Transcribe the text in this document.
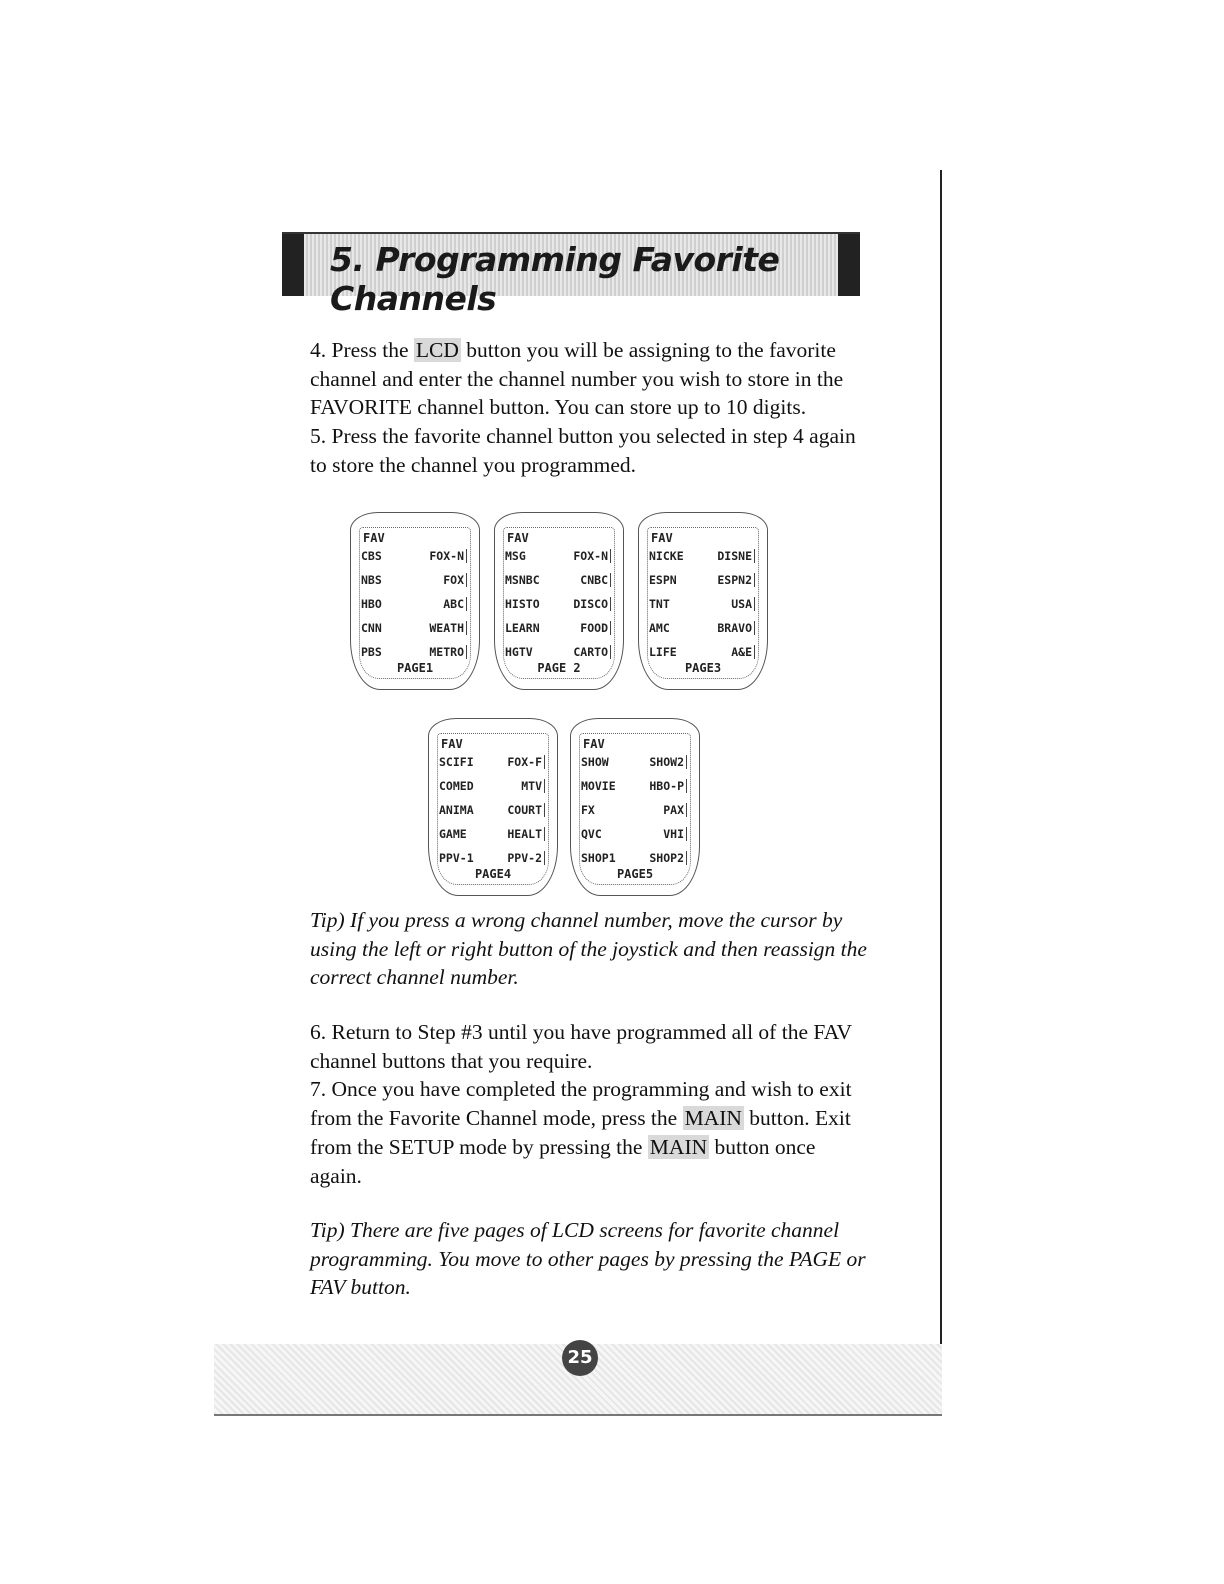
5. Programming Favorite Channels

4. Press the LCD button you will be assigning to the favorite channel and enter the channel number you wish to store in the FAVORITE channel button. You can store up to 10 digits.

5. Press the favorite channel button you selected in step 4 again to store the channel you programmed.

FAV
CBS	FOX-N
NBS	FOX
HBO	ABC
CNN	WEATH
PBS	METRO
PAGE1
FAV
MSG	FOX-N
MSNBC	CNBC
HISTO	DISCO
LEARN	FOOD
HGTV	CARTO
PAGE 2
FAV
NICKE	DISNE
ESPN	ESPN2
TNT	USA
AMC	BRAVO
LIFE	A&E
PAGE3
FAV
SCIFI	FOX-F
COMED	MTV
ANIMA	COURT
GAME	HEALT
PPV-1	PPV-2
PAGE4
FAV
SHOW	SHOW2
MOVIE	HBO-P
FX	PAX
QVC	VHI
SHOP1	SHOP2
PAGE5
Tip) If you press a wrong channel number, move the cursor by using the left or right button of the joystick and then reassign the correct channel number.

6. Return to Step #3 until you have programmed all of the FAV channel buttons that you require.

7. Once you have completed the programming and wish to exit from the Favorite Channel mode, press the MAIN button. Exit from the SETUP mode by pressing the MAIN button once again.

Tip) There are five pages of LCD screens for favorite channel programming. You move to other pages by pressing the PAGE or FAV button.
25
